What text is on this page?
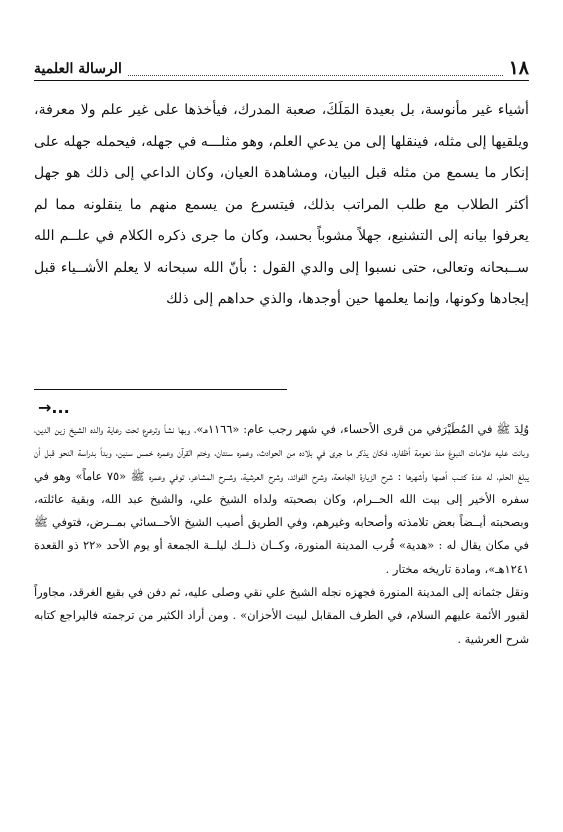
١٨
الرسالة العلمية

أشياء غير مأنوسة، بل بعيدة المَلَكَ، صعبة المدرك، فيأخذها على غير علم ولا معرفة، ويلقيها إلى مثله، فينقلها إلى من يدعي العلم، وهو مثلـــه في جهله، فيحمله جهله على إنكار ما يسمع من مثله قبل البيان، ومشاهدة العيان، وكان الداعي إلى ذلك هو جهل أكثر الطلاب مع طلب المراتب بذلك، فيتسرع من يسمع منهم ما ينقلونه مما لم يعرفوا بيانه إلى التشنيع، جهلاً مشوباً بحسد، وكان ما جرى ذكره الكلام في علــم الله ســبحانه وتعالى، حتى نسبوا إلى والدي القول : بأنّ الله سبحانه لا يعلم الأشــياء قبل إيجادها وكونها، وإنما يعلمها حين أوجدها، والذي حداهم إلى ذلك

→...

وُلِدَ ﷺ في المُطَيْرَفي من قرى الأحساء، في شهر رجب عام: «١١٦٦هـ»، وبها نشأ وترعرع تحت رعاية والده الشيخ زين الدين، وبانت عليه علامات النبوغ منذ نعومة أظفاره، فكان يذكر ما جرى في بلاده من الحوادث، وعمره سنتان، وختم القرآن وعمره خمس سنين، وبدأ بدراسة النحو قبل أن يبلغ الحلم، له عدة كتــب أهمها وأشهرها : شرح الزيارة الجامعة، وشرح الفوائد، وشرح العرشية، وشــرح المشاعر، توفي وعمره ﷺ «٧٥ عاماً» وهو في سفره الأخير إلى بيت الله الحــرام، وكان بصحبته ولداه الشيخ علي، والشيخ عبد الله، وبقية عائلته، وبصحبته أيــضاً بعض تلامذته وأصحابه وغيرهم، وفي الطريق أصيب الشيخ الأحــسائي بمــرض، فتوفي ﷺ في مكان يقال له : «هدية» قُرب المدينة المنورة، وكــان ذلــك ليلــة الجمعة أو يوم الأحد «٢٢ ذو القعدة ١٢٤١هـ»، ومادة تاريخه مختار .

ونقل جثمانه إلى المدينة المنورة فجهزه نجله الشيخ علي نقي وصلى عليه، ثم دفن في بقيع الغرقد، مجاوراً لقبور الأئمة عليهم السلام، في الطرف المقابل لبيت الأحزان» . ومن أراد الكثير من ترجمته فاليراجع كتابه شرح العرشية .
